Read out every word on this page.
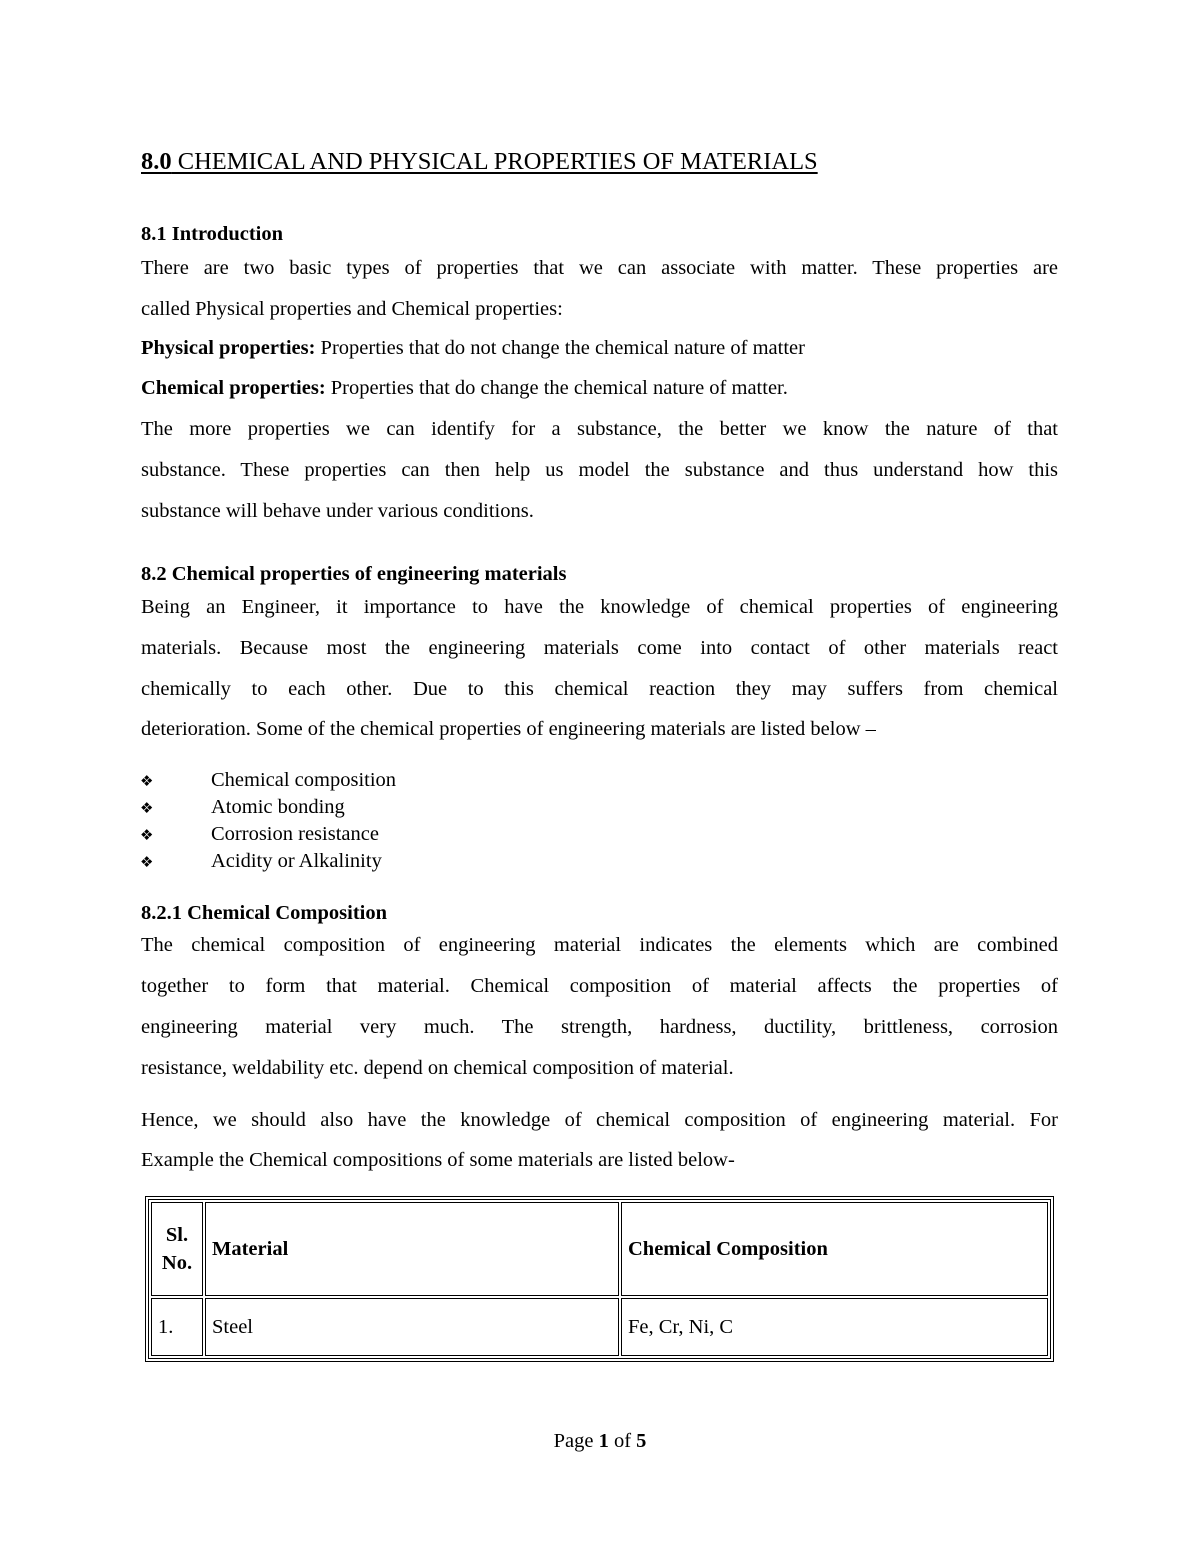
8.0 CHEMICAL AND PHYSICAL PROPERTIES OF MATERIALS
8.1 Introduction
There are two basic types of properties that we can associate with matter. These properties are
called Physical properties and Chemical properties:
Physical properties: Properties that do not change the chemical nature of matter
Chemical properties: Properties that do change the chemical nature of matter.
The more properties we can identify for a substance, the better we know the nature of that
substance. These properties can then help us model the substance and thus understand how this
substance will behave under various conditions.
8.2 Chemical properties of engineering materials
Being an Engineer, it importance to have the knowledge of chemical properties of engineering
materials. Because most the engineering materials come into contact of other materials react
chemically to each other. Due to this chemical reaction they may suffers from chemical
deterioration. Some of the chemical properties of engineering materials are listed below –
❖	Chemical composition
❖	Atomic bonding
❖	Corrosion resistance
❖	Acidity or Alkalinity
8.2.1 Chemical Composition
The chemical composition of engineering material indicates the elements which are combined
together to form that material. Chemical composition of material affects the properties of
engineering material very much. The strength, hardness, ductility, brittleness, corrosion
resistance, weldability etc. depend on chemical composition of material.
Hence, we should also have the knowledge of chemical composition of engineering material. For
Example the Chemical compositions of some materials are listed below-
Sl. No.	Material	Chemical Composition
1.	Steel	Fe, Cr, Ni, C
Page 1 of 5
